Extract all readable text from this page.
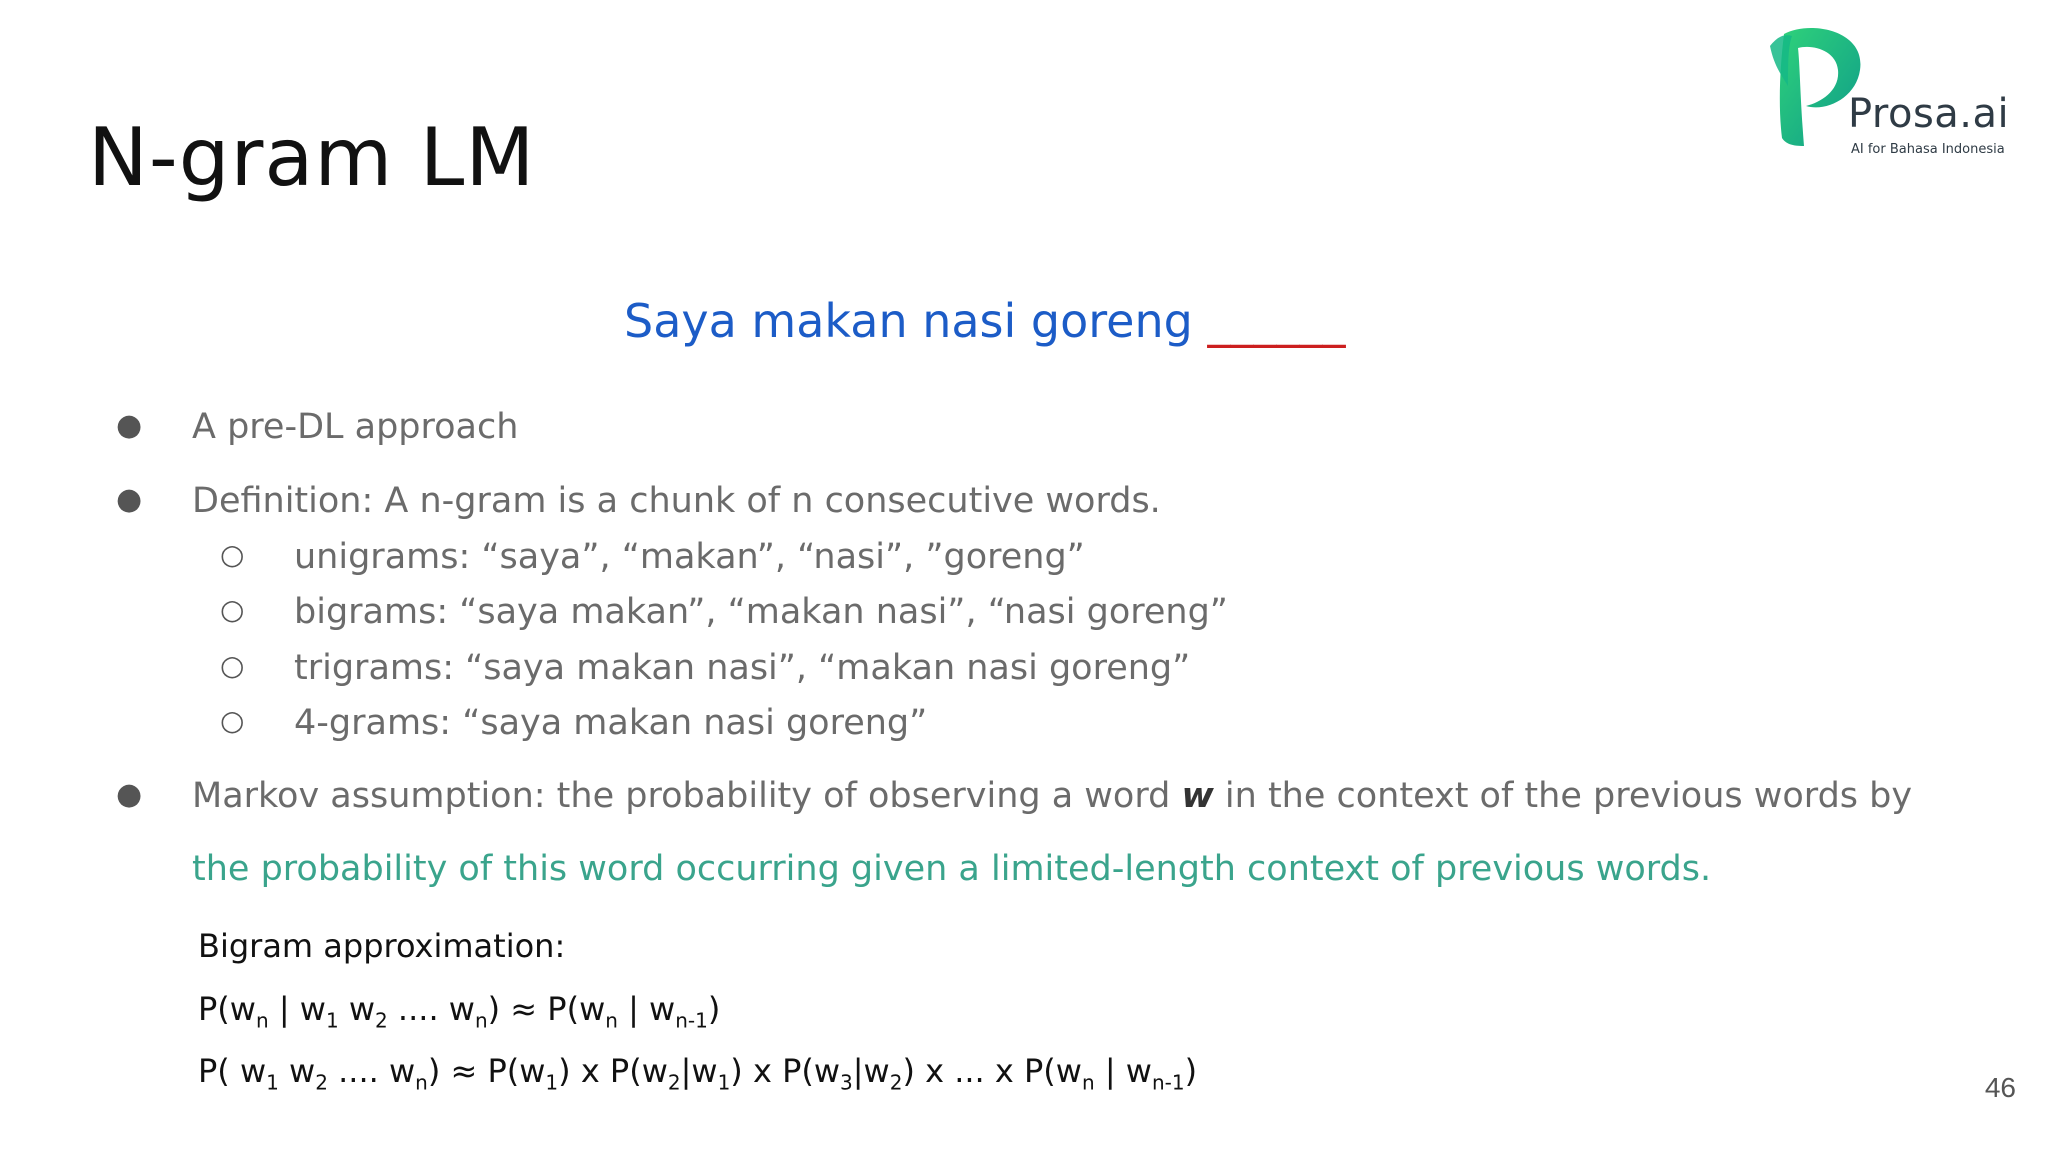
N-gram LM	Prosa.ai
AI for Bahasa Indonesia
Saya makan nasi goreng ______
● A pre-DL approach
● Definition: A n-gram is a chunk of n consecutive words.
○ unigrams: “saya”, “makan”, “nasi”, ”goreng”
○ bigrams: “saya makan”, “makan nasi”, “nasi goreng”
○ trigrams: “saya makan nasi”, “makan nasi goreng”
○ 4-grams: “saya makan nasi goreng”
● Markov assumption: the probability of observing a word w in the context of the previous words by
the probability of this word occurring given a limited-length context of previous words.
Bigram approximation:
$P(w_n$ | $w_1$ $w_2$ .... $w_n) \approx P(w_n$ | $w_{n-1}$)
P( $w_1$ $w_2$ .... $w_n) \approx P(w_1)$ x $P(w_2|w_1)$ x $P(w_3|w_2)$ x ... x $P(w_n$ | $w_{n-1}$)	46
